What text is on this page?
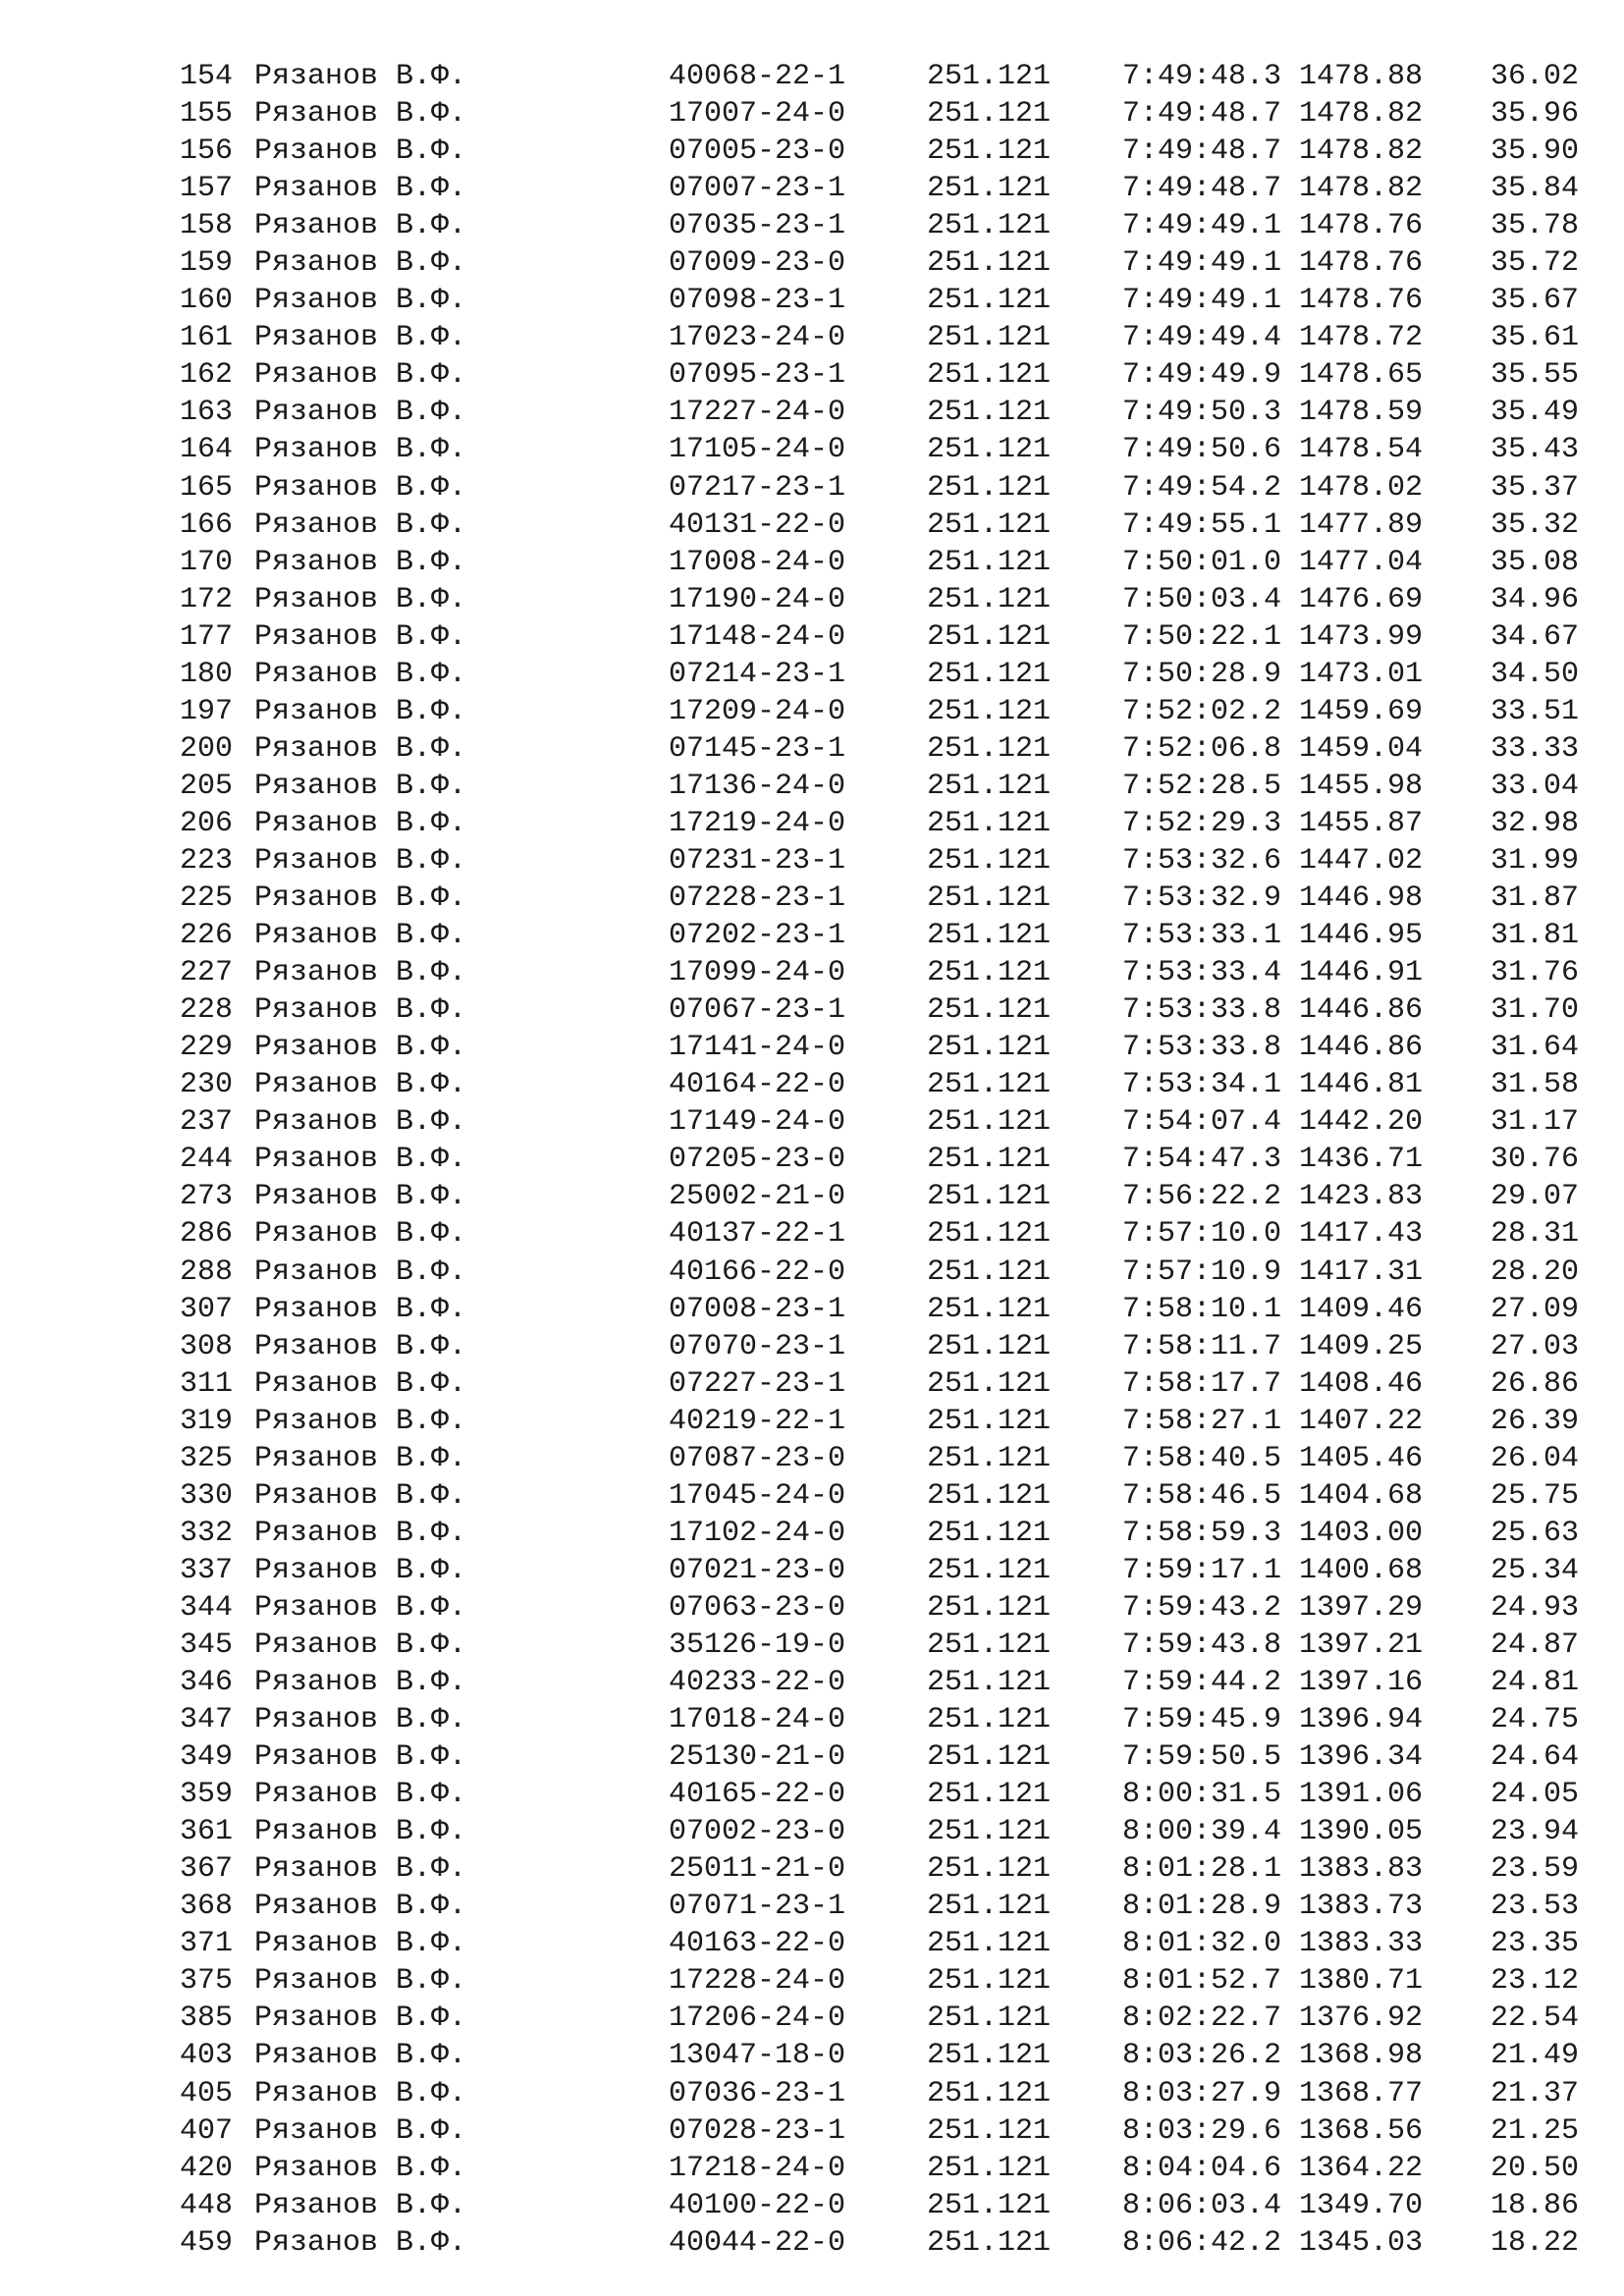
154 Рязанов В.Ф.	40068-22-1	251.121	7:49:48.3 1478.88	36.02
155 Рязанов В.Ф.	17007-24-0	251.121	7:49:48.7 1478.82	35.96
156 Рязанов В.Ф.	07005-23-0	251.121	7:49:48.7 1478.82	35.90
157 Рязанов В.Ф.	07007-23-1	251.121	7:49:48.7 1478.82	35.84
158 Рязанов В.Ф.	07035-23-1	251.121	7:49:49.1 1478.76	35.78
159 Рязанов В.Ф.	07009-23-0	251.121	7:49:49.1 1478.76	35.72
160 Рязанов В.Ф.	07098-23-1	251.121	7:49:49.1 1478.76	35.67
161 Рязанов В.Ф.	17023-24-0	251.121	7:49:49.4 1478.72	35.61
162 Рязанов В.Ф.	07095-23-1	251.121	7:49:49.9 1478.65	35.55
163 Рязанов В.Ф.	17227-24-0	251.121	7:49:50.3 1478.59	35.49
164 Рязанов В.Ф.	17105-24-0	251.121	7:49:50.6 1478.54	35.43
165 Рязанов В.Ф.	07217-23-1	251.121	7:49:54.2 1478.02	35.37
166 Рязанов В.Ф.	40131-22-0	251.121	7:49:55.1 1477.89	35.32
170 Рязанов В.Ф.	17008-24-0	251.121	7:50:01.0 1477.04	35.08
172 Рязанов В.Ф.	17190-24-0	251.121	7:50:03.4 1476.69	34.96
177 Рязанов В.Ф.	17148-24-0	251.121	7:50:22.1 1473.99	34.67
180 Рязанов В.Ф.	07214-23-1	251.121	7:50:28.9 1473.01	34.50
197 Рязанов В.Ф.	17209-24-0	251.121	7:52:02.2 1459.69	33.51
200 Рязанов В.Ф.	07145-23-1	251.121	7:52:06.8 1459.04	33.33
205 Рязанов В.Ф.	17136-24-0	251.121	7:52:28.5 1455.98	33.04
206 Рязанов В.Ф.	17219-24-0	251.121	7:52:29.3 1455.87	32.98
223 Рязанов В.Ф.	07231-23-1	251.121	7:53:32.6 1447.02	31.99
225 Рязанов В.Ф.	07228-23-1	251.121	7:53:32.9 1446.98	31.87
226 Рязанов В.Ф.	07202-23-1	251.121	7:53:33.1 1446.95	31.81
227 Рязанов В.Ф.	17099-24-0	251.121	7:53:33.4 1446.91	31.76
228 Рязанов В.Ф.	07067-23-1	251.121	7:53:33.8 1446.86	31.70
229 Рязанов В.Ф.	17141-24-0	251.121	7:53:33.8 1446.86	31.64
230 Рязанов В.Ф.	40164-22-0	251.121	7:53:34.1 1446.81	31.58
237 Рязанов В.Ф.	17149-24-0	251.121	7:54:07.4 1442.20	31.17
244 Рязанов В.Ф.	07205-23-0	251.121	7:54:47.3 1436.71	30.76
273 Рязанов В.Ф.	25002-21-0	251.121	7:56:22.2 1423.83	29.07
286 Рязанов В.Ф.	40137-22-1	251.121	7:57:10.0 1417.43	28.31
288 Рязанов В.Ф.	40166-22-0	251.121	7:57:10.9 1417.31	28.20
307 Рязанов В.Ф.	07008-23-1	251.121	7:58:10.1 1409.46	27.09
308 Рязанов В.Ф.	07070-23-1	251.121	7:58:11.7 1409.25	27.03
311 Рязанов В.Ф.	07227-23-1	251.121	7:58:17.7 1408.46	26.86
319 Рязанов В.Ф.	40219-22-1	251.121	7:58:27.1 1407.22	26.39
325 Рязанов В.Ф.	07087-23-0	251.121	7:58:40.5 1405.46	26.04
330 Рязанов В.Ф.	17045-24-0	251.121	7:58:46.5 1404.68	25.75
332 Рязанов В.Ф.	17102-24-0	251.121	7:58:59.3 1403.00	25.63
337 Рязанов В.Ф.	07021-23-0	251.121	7:59:17.1 1400.68	25.34
344 Рязанов В.Ф.	07063-23-0	251.121	7:59:43.2 1397.29	24.93
345 Рязанов В.Ф.	35126-19-0	251.121	7:59:43.8 1397.21	24.87
346 Рязанов В.Ф.	40233-22-0	251.121	7:59:44.2 1397.16	24.81
347 Рязанов В.Ф.	17018-24-0	251.121	7:59:45.9 1396.94	24.75
349 Рязанов В.Ф.	25130-21-0	251.121	7:59:50.5 1396.34	24.64
359 Рязанов В.Ф.	40165-22-0	251.121	8:00:31.5 1391.06	24.05
361 Рязанов В.Ф.	07002-23-0	251.121	8:00:39.4 1390.05	23.94
367 Рязанов В.Ф.	25011-21-0	251.121	8:01:28.1 1383.83	23.59
368 Рязанов В.Ф.	07071-23-1	251.121	8:01:28.9 1383.73	23.53
371 Рязанов В.Ф.	40163-22-0	251.121	8:01:32.0 1383.33	23.35
375 Рязанов В.Ф.	17228-24-0	251.121	8:01:52.7 1380.71	23.12
385 Рязанов В.Ф.	17206-24-0	251.121	8:02:22.7 1376.92	22.54
403 Рязанов В.Ф.	13047-18-0	251.121	8:03:26.2 1368.98	21.49
405 Рязанов В.Ф.	07036-23-1	251.121	8:03:27.9 1368.77	21.37
407 Рязанов В.Ф.	07028-23-1	251.121	8:03:29.6 1368.56	21.25
420 Рязанов В.Ф.	17218-24-0	251.121	8:04:04.6 1364.22	20.50
448 Рязанов В.Ф.	40100-22-0	251.121	8:06:03.4 1349.70	18.86
459 Рязанов В.Ф.	40044-22-0	251.121	8:06:42.2 1345.03	18.22
